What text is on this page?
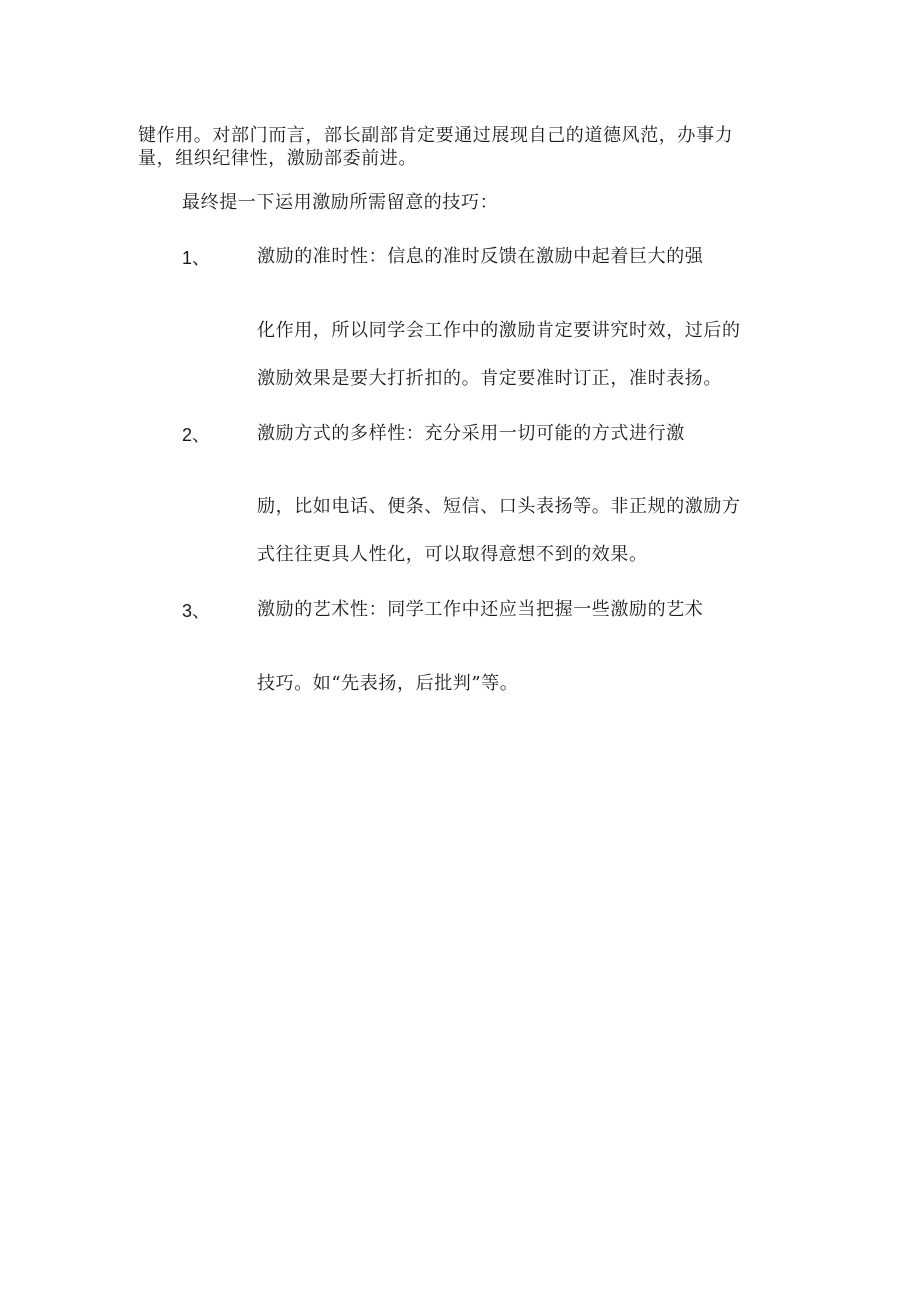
键作用。对部门而言，部长副部肯定要通过展现自己的道德风范，办事力
量，组织纪律性，激励部委前进。
最终提一下运用激励所需留意的技巧：
1、	激励的准时性：信息的准时反馈在激励中起着巨大的强
化作用，所以同学会工作中的激励肯定要讲究时效，过后的
激励效果是要大打折扣的。肯定要准时订正，准时表扬。
2、	激励方式的多样性：充分采用一切可能的方式进行激
励，比如电话、便条、短信、口头表扬等。非正规的激励方
式往往更具人性化，可以取得意想不到的效果。
3、	激励的艺术性：同学工作中还应当把握一些激励的艺术
技巧。如“先表扬，后批判”等。
